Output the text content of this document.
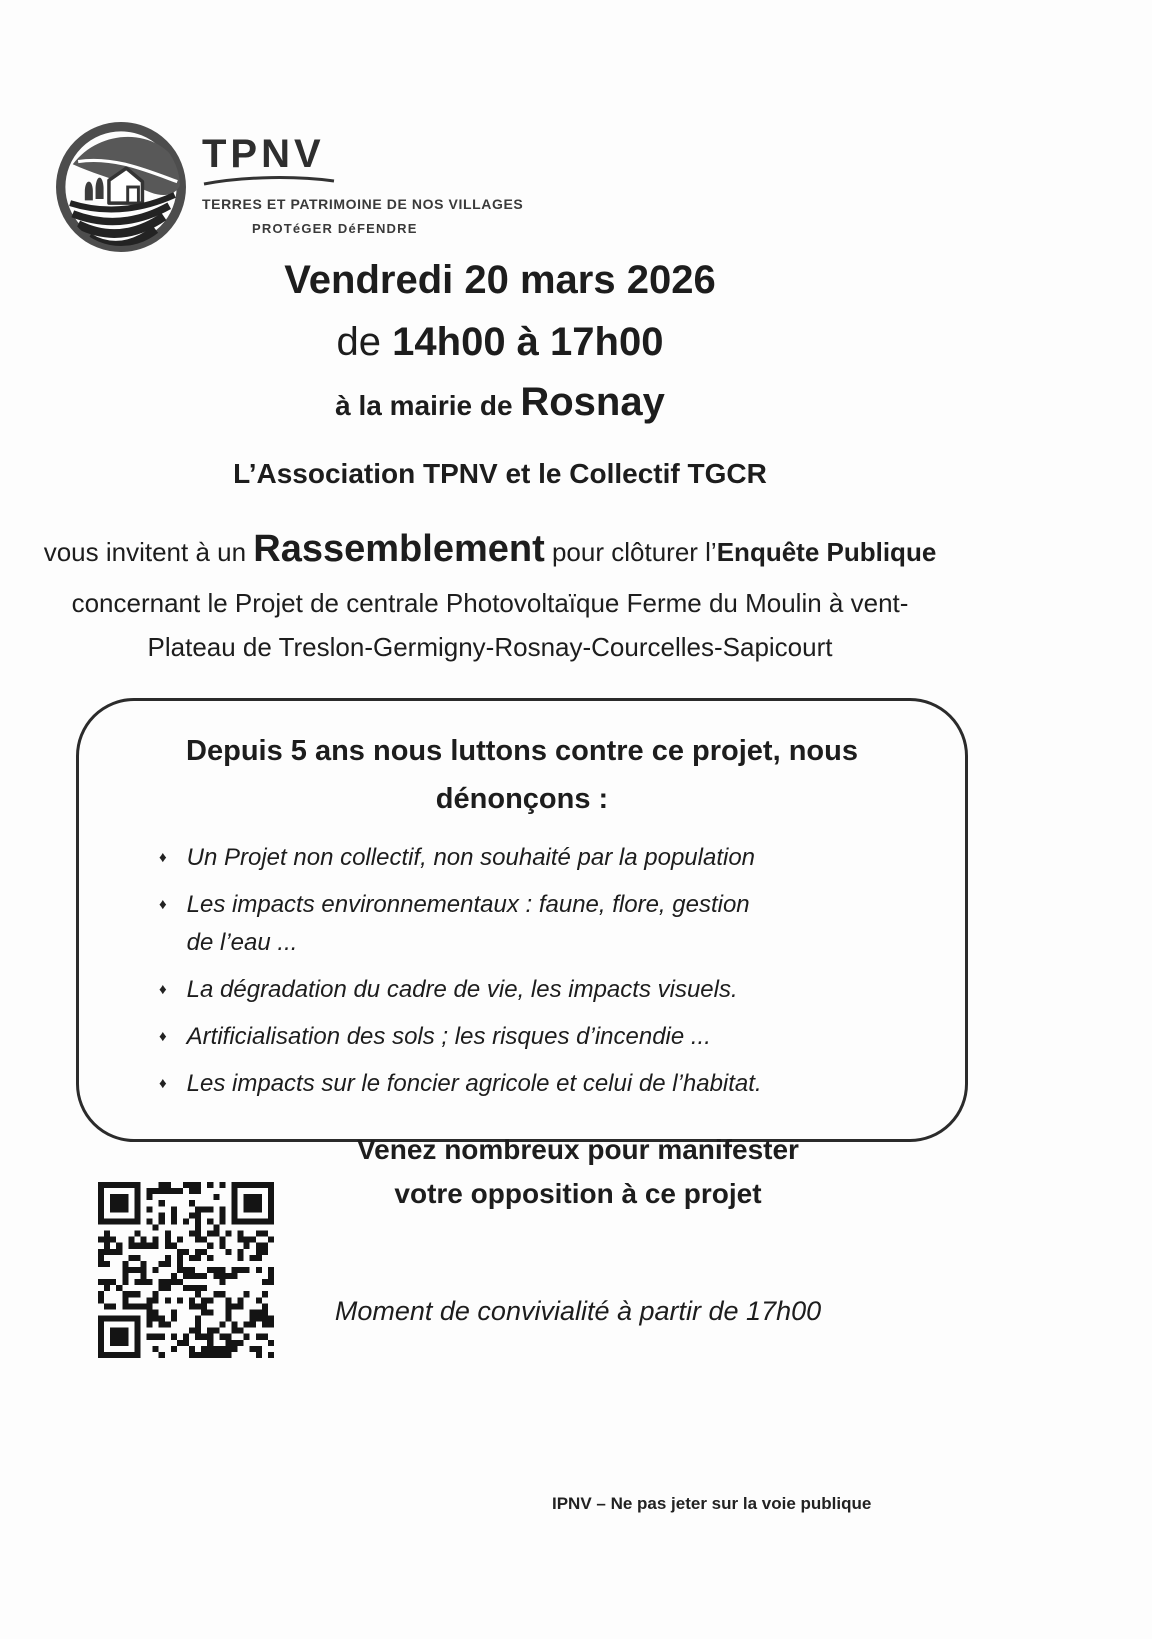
TPNV
TERRES ET PATRIMOINE DE NOS VILLAGES
PROTéGER DéFENDRE
Vendredi 20 mars 2026
de 14h00 à 17h00
à la mairie de Rosnay
L’Association TPNV et le Collectif TGCR
vous invitent à un Rassemblement pour clôturer l’Enquête Publique
concernant le Projet de centrale Photovoltaïque Ferme du Moulin à vent-
Plateau de Treslon-Germigny-Rosnay-Courcelles-Sapicourt
Depuis 5 ans nous luttons contre ce projet, nous dénonçons :
♦ Un Projet non collectif, non souhaité par la population
♦ Les impacts environnementaux : faune, flore, gestion
de l’eau ...
♦ La dégradation du cadre de vie, les impacts visuels.
♦ Artificialisation des sols ; les risques d’incendie ...
♦ Les impacts sur le foncier agricole et celui de l’habitat.
Venez nombreux pour manifester
votre opposition à ce projet
Moment de convivialité à partir de 17h00
IPNV – Ne pas jeter sur la voie publique
